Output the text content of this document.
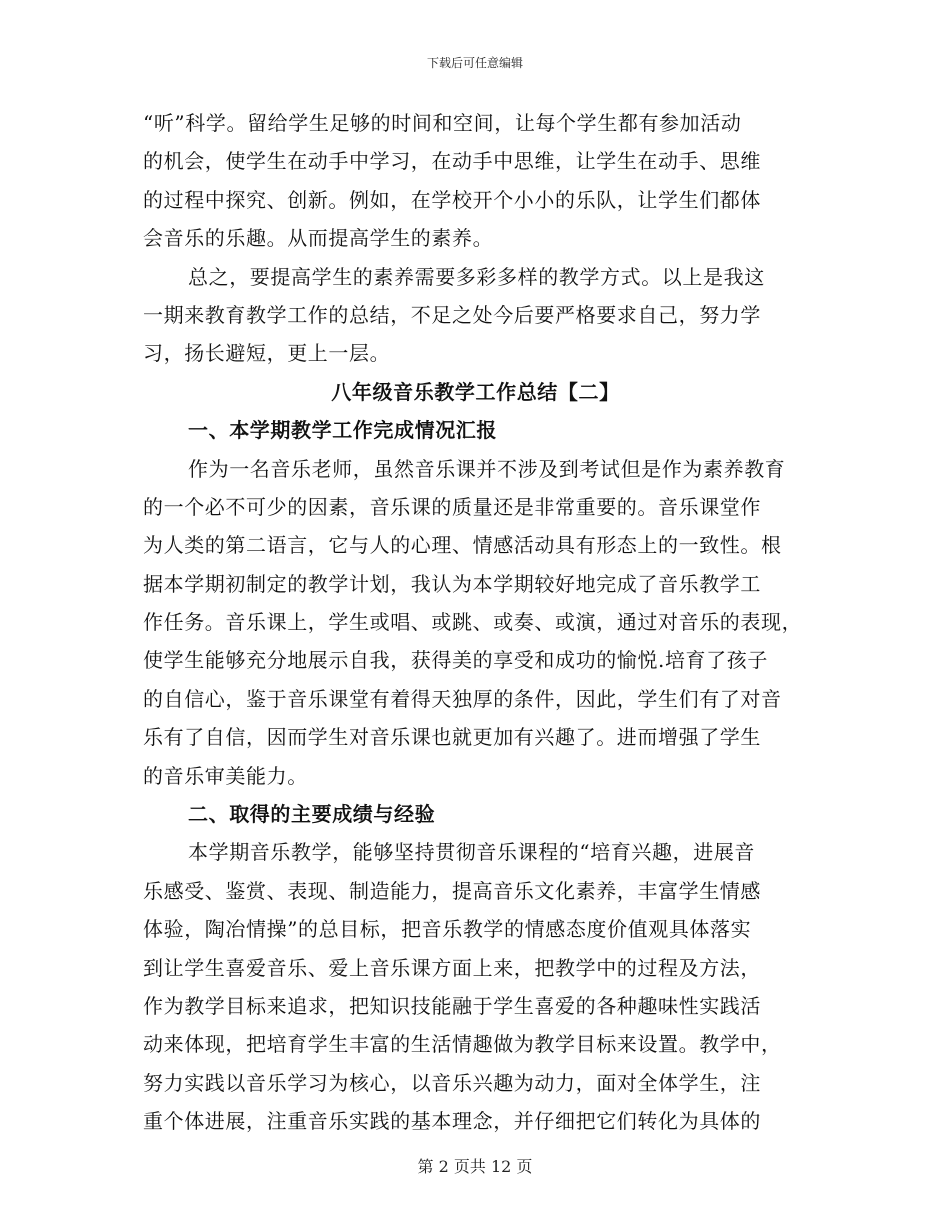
下载后可任意编辑
“听”科学。留给学生足够的时间和空间，让每个学生都有参加活动
的机会，使学生在动手中学习，在动手中思维，让学生在动手、思维
的过程中探究、创新。例如，在学校开个小小的乐队，让学生们都体
会音乐的乐趣。从而提高学生的素养。
总之，要提高学生的素养需要多彩多样的教学方式。以上是我这
一期来教育教学工作的总结，不足之处今后要严格要求自己，努力学
习，扬长避短，更上一层。
八年级音乐教学工作总结【二】
一、本学期教学工作完成情况汇报
作为一名音乐老师，虽然音乐课并不涉及到考试但是作为素养教育
的一个必不可少的因素，音乐课的质量还是非常重要的。音乐课堂作
为人类的第二语言，它与人的心理、情感活动具有形态上的一致性。根
据本学期初制定的教学计划，我认为本学期较好地完成了音乐教学工
作任务。音乐课上，学生或唱、或跳、或奏、或演，通过对音乐的表现，
使学生能够充分地展示自我，获得美的享受和成功的愉悦.培育了孩子
的自信心，鉴于音乐课堂有着得天独厚的条件，因此，学生们有了对音
乐有了自信，因而学生对音乐课也就更加有兴趣了。进而增强了学生
的音乐审美能力。
二、取得的主要成绩与经验
本学期音乐教学，能够坚持贯彻音乐课程的“培育兴趣，进展音
乐感受、鉴赏、表现、制造能力，提高音乐文化素养，丰富学生情感
体验，陶冶情操”的总目标，把音乐教学的情感态度价值观具体落实
到让学生喜爱音乐、爱上音乐课方面上来，把教学中的过程及方法，
作为教学目标来追求，把知识技能融于学生喜爱的各种趣味性实践活
动来体现，把培育学生丰富的生活情趣做为教学目标来设置。教学中，
努力实践以音乐学习为核心，以音乐兴趣为动力，面对全体学生，注
重个体进展，注重音乐实践的基本理念，并仔细把它们转化为具体的
第 2 页共 12 页
